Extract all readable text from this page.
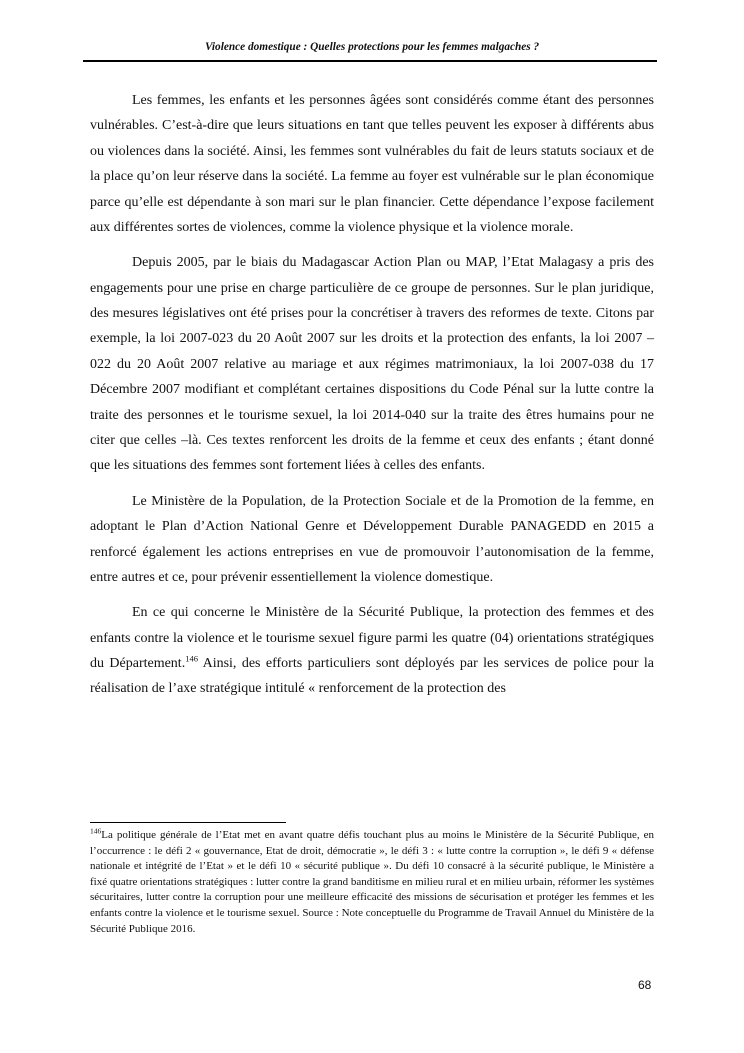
Violence domestique : Quelles protections pour les femmes malgaches ?

Les femmes, les enfants et les personnes âgées sont considérés comme étant des personnes vulnérables. C’est-à-dire que leurs situations en tant que telles peuvent les exposer à différents abus ou violences dans la société. Ainsi, les femmes sont vulnérables du fait de leurs statuts sociaux et de la place qu’on leur réserve dans la société. La femme au foyer est vulnérable sur le plan économique parce qu’elle est dépendante à son mari sur le plan financier. Cette dépendance l’expose facilement aux différentes sortes de violences, comme la violence physique et la violence morale.

Depuis 2005, par le biais du Madagascar Action Plan ou MAP, l’Etat Malagasy a pris des engagements pour une prise en charge particulière de ce groupe de personnes. Sur le plan juridique, des mesures législatives ont été prises pour la concrétiser à travers des reformes de texte. Citons par exemple, la loi 2007-023 du 20 Août 2007 sur les droits et la protection des enfants, la loi 2007 – 022 du 20 Août 2007 relative au mariage et aux régimes matrimoniaux, la loi 2007-038 du 17 Décembre 2007 modifiant et complétant certaines dispositions du Code Pénal sur la lutte contre la traite des personnes et le tourisme sexuel, la loi 2014-040 sur la traite des êtres humains pour ne citer que celles –là. Ces textes renforcent les droits de la femme et ceux des enfants ; étant donné que les situations des femmes sont fortement liées à celles des enfants.

Le Ministère de la Population, de la Protection Sociale et de la Promotion de la femme, en adoptant le Plan d’Action National Genre et Développement Durable PANAGEDD en 2015 a renforcé également les actions entreprises en vue de promouvoir l’autonomisation de la femme, entre autres et ce, pour prévenir essentiellement la violence domestique.

En ce qui concerne le Ministère de la Sécurité Publique, la protection des femmes et des enfants contre la violence et le tourisme sexuel figure parmi les quatre (04) orientations stratégiques du Département.$^{146}$ Ainsi, des efforts particuliers sont déployés par les services de police pour la réalisation de l’axe stratégique intitulé « renforcement de la protection des

$^{146}$La politique générale de l’Etat met en avant quatre défis touchant plus au moins le Ministère de la Sécurité Publique, en l’occurrence : le défi 2 « gouvernance, Etat de droit, démocratie », le défi 3 : « lutte contre la corruption », le défi 9 « défense nationale et intégrité de l’Etat » et le défi 10 « sécurité publique ». Du défi 10 consacré à la sécurité publique, le Ministère a fixé quatre orientations stratégiques : lutter contre la grand banditisme en milieu rural et en milieu urbain, réformer les systèmes sécuritaires, lutter contre la corruption pour une meilleure efficacité des missions de sécurisation et protéger les femmes et les enfants contre la violence et le tourisme sexuel. Source : Note conceptuelle du Programme de Travail Annuel du Ministère de la Sécurité Publique 2016.
68
